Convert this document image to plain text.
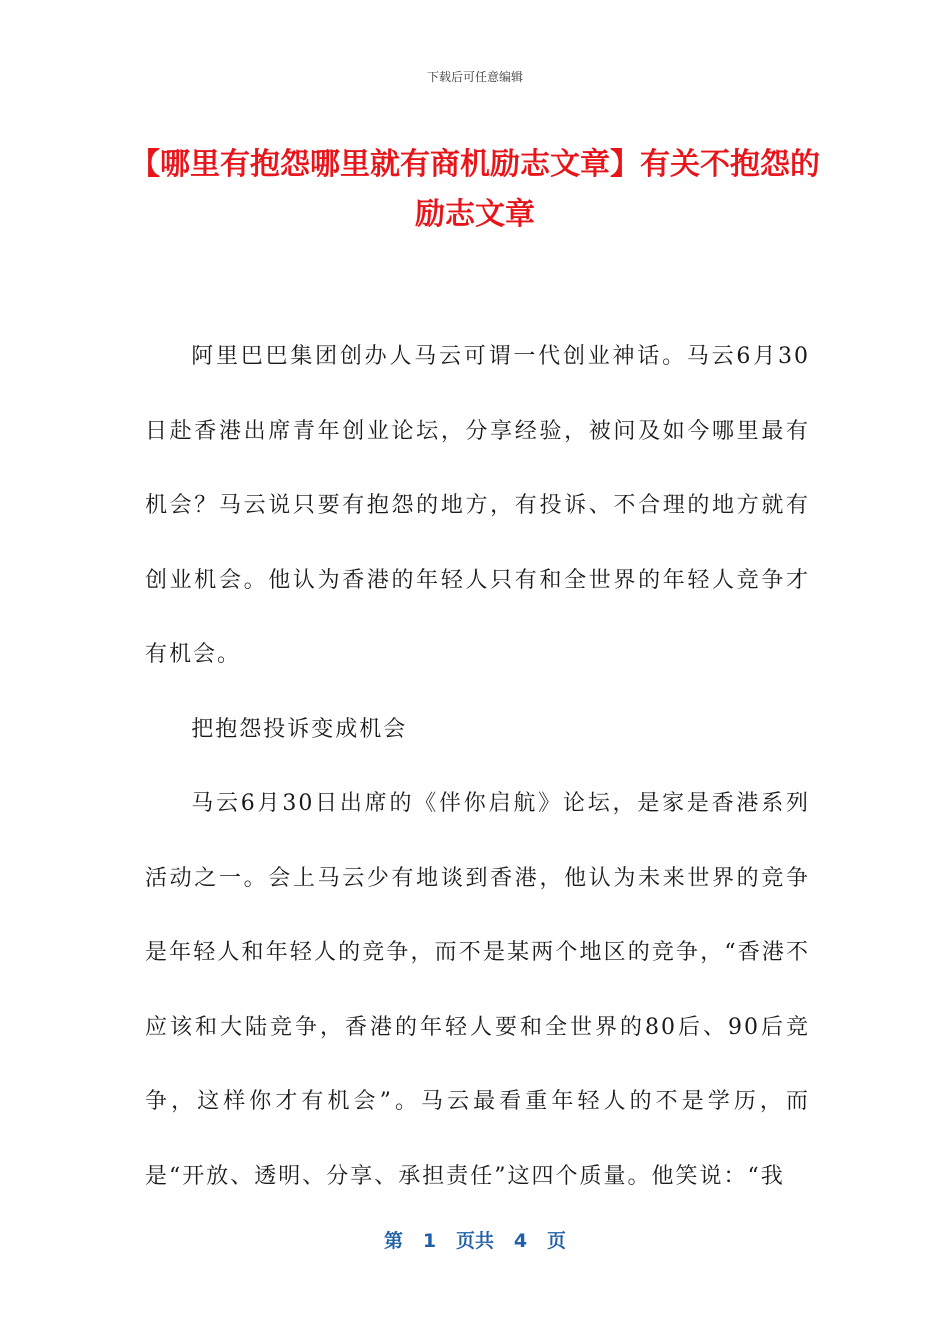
下载后可任意编辑
【哪里有抱怨哪里就有商机励志文章】有关不抱怨的励志文章

阿里巴巴集团创办人马云可谓一代创业神话。马云6月30日赴香港出席青年创业论坛，分享经验，被问及如今哪里最有机会？马云说只要有抱怨的地方，有投诉、不合理的地方就有创业机会。他认为香港的年轻人只有和全世界的年轻人竞争才有机会。

把抱怨投诉变成机会

马云6月30日出席的《伴你启航》论坛，是家是香港系列活动之一。会上马云少有地谈到香港，他认为未来世界的竞争是年轻人和年轻人的竞争，而不是某两个地区的竞争，“香港不应该和大陆竞争，香港的年轻人要和全世界的80后、90后竞争，这样你才有机会”。马云最看重年轻人的不是学历，而是“开放、透明、分享、承担责任”这四个质量。他笑说：“我

第 1 页共 4 页
